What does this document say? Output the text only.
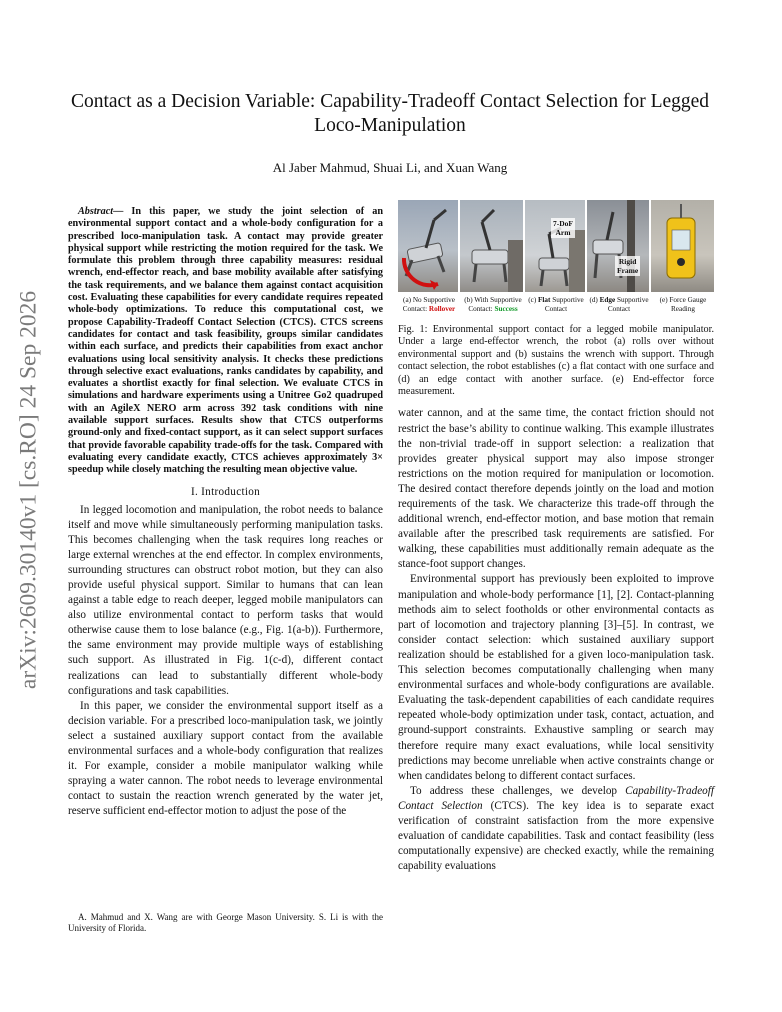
arXiv:2609.30140v1 [cs.RO] 24 Sep 2026
Contact as a Decision Variable: Capability-Tradeoff Contact Selection for Legged Loco-Manipulation
Al Jaber Mahmud, Shuai Li, and Xuan Wang

Abstract— In this paper, we study the joint selection of an environmental support contact and a whole-body configuration for a prescribed loco-manipulation task. A contact may provide greater physical support while restricting the motion required for the task. We formulate this problem through three capability measures: residual wrench, end-effector reach, and base mobility available after satisfying the task requirements, and we balance them against contact acquisition cost. Evaluating these capabilities for every candidate requires repeated whole-body optimizations. To reduce this computational cost, we propose Capability-Tradeoff Contact Selection (CTCS). CTCS screens candidates for contact and task feasibility, groups similar candidates within each surface, and predicts their capabilities from exact anchor evaluations using local sensitivity analysis. It checks these predictions through selective exact evaluations, ranks candidates by capability, and evaluates a shortlist exactly for final selection. We evaluate CTCS in simulations and hardware experiments using a Unitree Go2 quadruped with an AgileX NERO arm across 392 task conditions with nine available support surfaces. Results show that CTCS outperforms ground-only and fixed-contact support, as it can select support surfaces that provide favorable capability trade-offs for the task. Compared with evaluating every candidate exactly, CTCS achieves approximately 3× speedup while closely matching the resulting mean objective value.

I. Introduction

In legged locomotion and manipulation, the robot needs to balance itself and move while simultaneously performing manipulation tasks. This becomes challenging when the task requires long reaches or large external wrenches at the end effector. In complex environments, surrounding structures can obstruct robot motion, but they can also provide useful physical support. Similar to humans that can lean against a table edge to reach deeper, legged mobile manipulators can also utilize environmental contact to perform tasks that would otherwise cause them to lose balance (e.g., Fig. 1(a-b)). Furthermore, the same environment may provide multiple ways of establishing such support. As illustrated in Fig. 1(c-d), different contact realizations can lead to substantially different whole-body configurations and task capabilities.

In this paper, we consider the environmental support itself as a decision variable. For a prescribed loco-manipulation task, we jointly select a sustained auxiliary support contact from the available environmental surfaces and a whole-body configuration that realizes it. For example, consider a mobile manipulator walking while spraying a water cannon. The robot needs to leverage environmental contact to sustain the reaction wrench generated by the water jet, reserve sufficient end-effector motion to adjust the pose of the

A. Mahmud and X. Wang are with George Mason University. S. Li is with the University of Florida.
7-DoF
Arm
Rigid
Frame
(a) No Supportive
Contact: Rollover
(b) With Supportive
Contact: Success
(c) Flat Supportive
Contact
(d) Edge Supportive
Contact
(e) Force Gauge
Reading

Fig. 1: Environmental support contact for a legged mobile manipulator. Under a large end-effector wrench, the robot (a) rolls over without environmental support and (b) sustains the wrench with support. Through contact selection, the robot establishes (c) a flat contact with one surface and (d) an edge contact with another surface. (e) End-effector force measurement.

water cannon, and at the same time, the contact friction should not restrict the base’s ability to continue walking. This example illustrates the non-trivial trade-off in support selection: a realization that provides greater physical support may also impose stronger restrictions on the motion required for manipulation or locomotion. The desired contact therefore depends jointly on the load and motion requirements of the task. We characterize this trade-off through the additional wrench, end-effector motion, and base motion that remain available after the prescribed task requirements are satisfied. For walking, these capabilities must additionally remain adequate as the stance-foot support changes.

Environmental support has previously been exploited to improve manipulation and whole-body performance [1], [2]. Contact-planning methods aim to select footholds or other environmental contacts as part of locomotion and trajectory planning [3]–[5]. In contrast, we consider contact selection: which sustained auxiliary support realization should be established for a given loco-manipulation task. This selection becomes computationally challenging when many environmental surfaces and whole-body configurations are available. Evaluating the task-dependent capabilities of each candidate requires repeated whole-body optimization under task, contact, actuation, and ground-support constraints. Exhaustive sampling or search may therefore require many exact evaluations, while local sensitivity predictions may become unreliable when active constraints change or when candidates belong to different contact surfaces.

To address these challenges, we develop Capability-Tradeoff Contact Selection (CTCS). The key idea is to separate exact verification of constraint satisfaction from the more expensive evaluation of candidate capabilities. Task and contact feasibility (less computationally expensive) are checked exactly, while the remaining capability evaluations
